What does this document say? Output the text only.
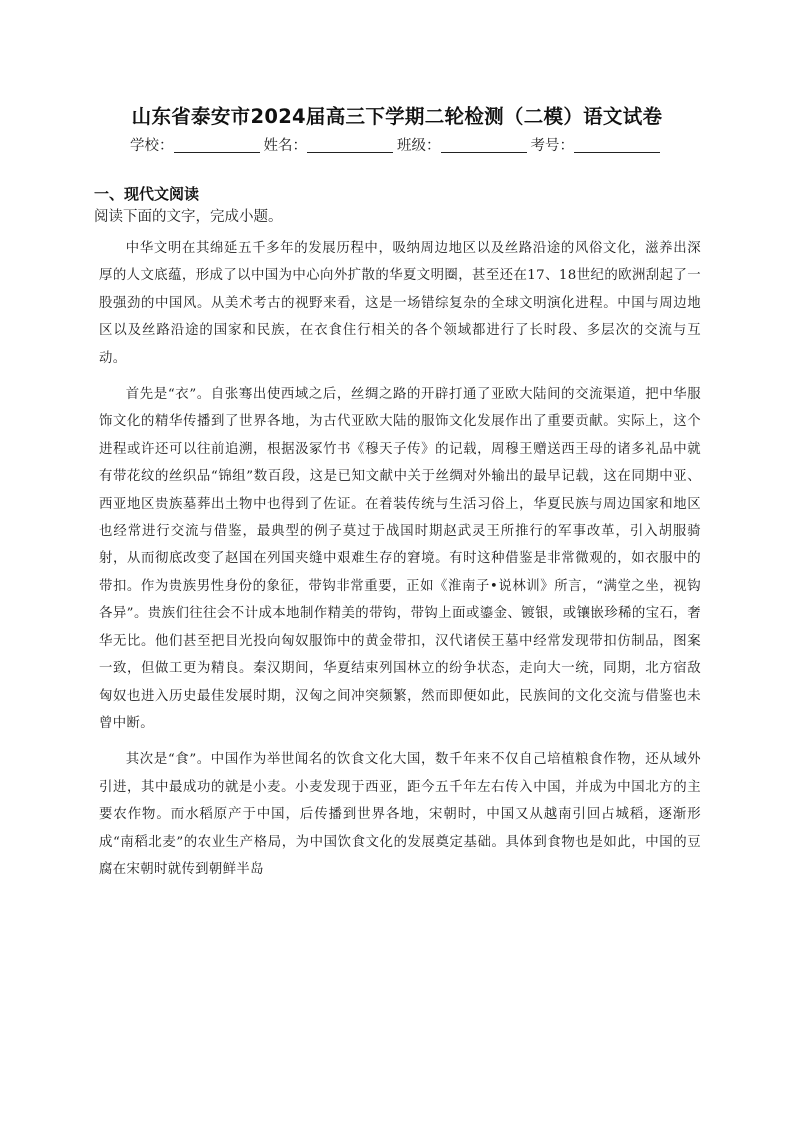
山东省泰安市2024届高三下学期二轮检测（二模）语文试卷
学校：	姓名：	班级：	考号：
一、现代文阅读
阅读下面的文字，完成小题。

中华文明在其绵延五千多年的发展历程中，吸纳周边地区以及丝路沿途的风俗文化，滋养出深厚的人文底蕴，形成了以中国为中心向外扩散的华夏文明圈，甚至还在17、18世纪的欧洲刮起了一股强劲的中国风。从美术考古的视野来看，这是一场错综复杂的全球文明演化进程。中国与周边地区以及丝路沿途的国家和民族，在衣食住行相关的各个领域都进行了长时段、多层次的交流与互动。

首先是“衣”。自张骞出使西域之后，丝绸之路的开辟打通了亚欧大陆间的交流渠道，把中华服饰文化的精华传播到了世界各地，为古代亚欧大陆的服饰文化发展作出了重要贡献。实际上，这个进程或许还可以往前追溯，根据汲冢竹书《穆天子传》的记载，周穆王赠送西王母的诸多礼品中就有带花纹的丝织品“锦组”数百段，这是已知文献中关于丝绸对外输出的最早记载，这在同期中亚、西亚地区贵族墓葬出土物中也得到了佐证。在着装传统与生活习俗上，华夏民族与周边国家和地区也经常进行交流与借鉴，最典型的例子莫过于战国时期赵武灵王所推行的军事改革，引入胡服骑射，从而彻底改变了赵国在列国夹缝中艰难生存的窘境。有时这种借鉴是非常微观的，如衣服中的带扣。作为贵族男性身份的象征，带钩非常重要，正如《淮南子•说林训》所言，“满堂之坐，视钩各异”。贵族们往往会不计成本地制作精美的带钩，带钩上面或鎏金、镀银，或镶嵌珍稀的宝石，奢华无比。他们甚至把目光投向匈奴服饰中的黄金带扣，汉代诸侯王墓中经常发现带扣仿制品，图案一致，但做工更为精良。秦汉期间，华夏结束列国林立的纷争状态，走向大一统，同期，北方宿敌匈奴也进入历史最佳发展时期，汉匈之间冲突频繁，然而即便如此，民族间的文化交流与借鉴也未曾中断。

其次是“食”。中国作为举世闻名的饮食文化大国，数千年来不仅自己培植粮食作物，还从域外引进，其中最成功的就是小麦。小麦发现于西亚，距今五千年左右传入中国，并成为中国北方的主要农作物。而水稻原产于中国，后传播到世界各地，宋朝时，中国又从越南引回占城稻，逐渐形成“南稻北麦”的农业生产格局，为中国饮食文化的发展奠定基础。具体到食物也是如此，中国的豆腐在宋朝时就传到朝鲜半岛
